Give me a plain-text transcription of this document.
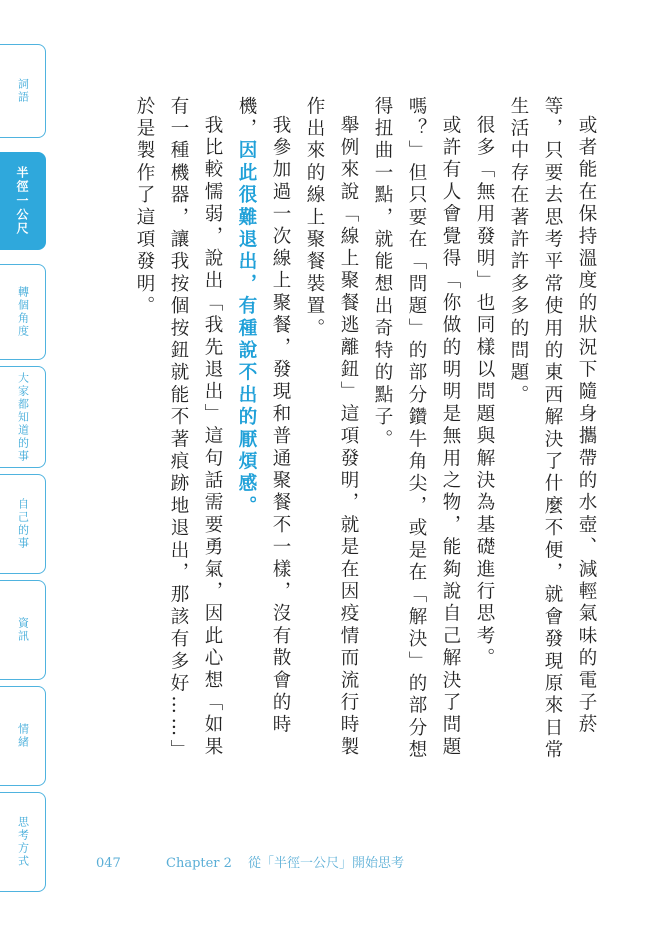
詞語
半徑一公尺
轉個角度
大家都知道的事
自己的事
資訊
情緒
思考方式

或者能在保持溫度的狀況下隨身攜帶的水壺、減輕氣味的電子菸等，只要去思考平常使用的東西解決了什麼不便，就會發現原來日常生活中存在著許許多多的問題。

很多「無用發明」也同樣以問題與解決為基礎進行思考。

或許有人會覺得「你做的明明是無用之物，能夠說自己解決了問題嗎？」但只要在「問題」的部分鑽牛角尖，或是在「解決」的部分想得扭曲一點，就能想出奇特的點子。

舉例來說「線上聚餐逃離鈕」這項發明，就是在因疫情而流行時製作出來的線上聚餐裝置。

我參加過一次線上聚餐，發現和普通聚餐不一樣，沒有散會的時機，因此很難退出，有種說不出的厭煩感。

我比較懦弱，說出「我先退出」這句話需要勇氣，因此心想「如果有一種機器，讓我按個按鈕就能不著痕跡地退出，那該有多好……」於是製作了這項發明。

047	Chapter 2 從「半徑一公尺」開始思考
